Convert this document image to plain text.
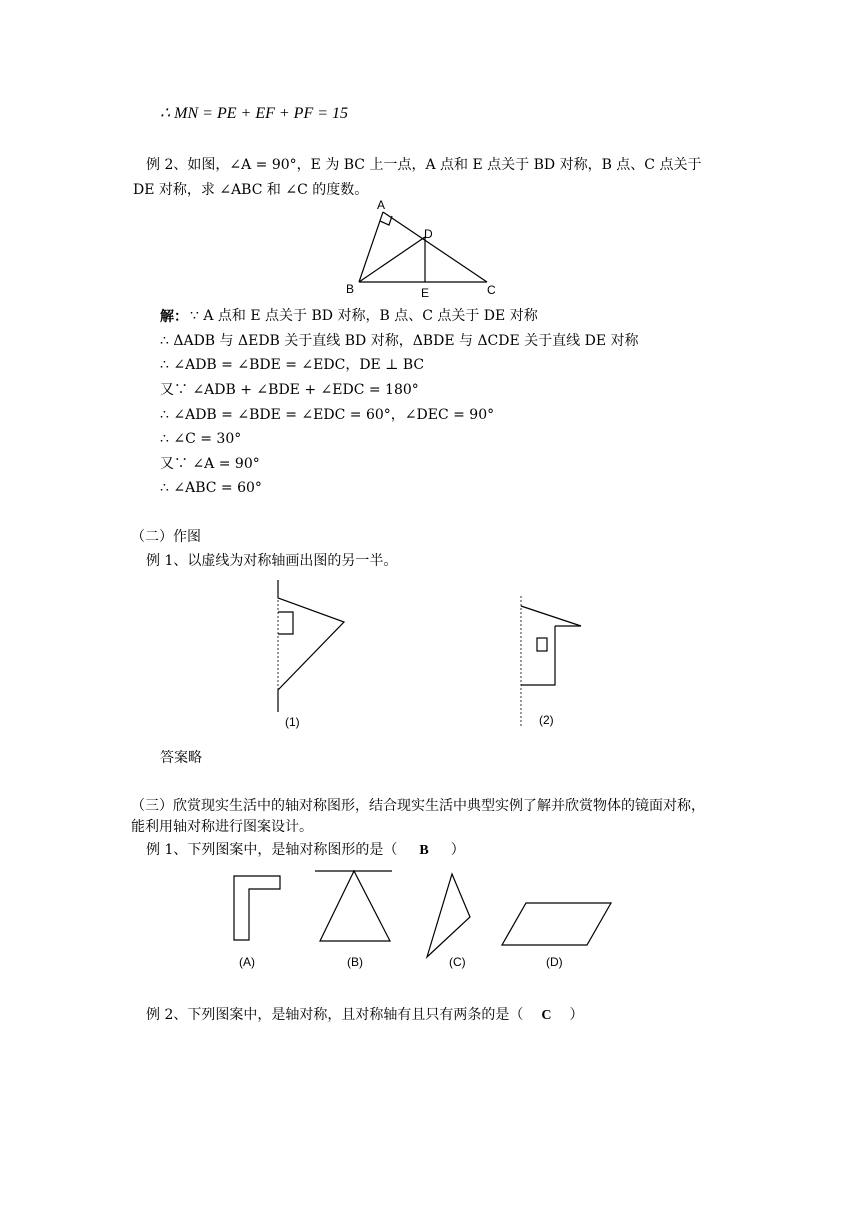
∴ MN = PE + EF + PF = 15
例 2、如图，∠A = 90°，E 为 BC 上一点，A 点和 E 点关于 BD 对称，B 点、C 点关于
DE 对称，求 ∠ABC 和 ∠C 的度数。
A
D
B	E	C
解： ∵ A 点和 E 点关于 BD 对称，B 点、C 点关于 DE 对称
∴ ΔADB 与 ΔEDB 关于直线 BD 对称，ΔBDE 与 ΔCDE 关于直线 DE 对称
∴ ∠ADB = ∠BDE = ∠EDC，DE ⊥ BC
又∵ ∠ADB + ∠BDE + ∠EDC = 180°
∴ ∠ADB = ∠BDE = ∠EDC = 60°，∠DEC = 90°
∴ ∠C = 30°
又∵ ∠A = 90°
∴ ∠ABC = 60°
（二）作图
例 1、以虚线为对称轴画出图的另一半。
(1)	(2)
答案略
（三）欣赏现实生活中的轴对称图形，结合现实生活中典型实例了解并欣赏物体的镜面对称，
能利用轴对称进行图案设计。
例 1、下列图案中，是轴对称图形的是（ B ）
(A)	(B)	(C)	(D)
例 2、下列图案中，是轴对称，且对称轴有且只有两条的是（ C ）
